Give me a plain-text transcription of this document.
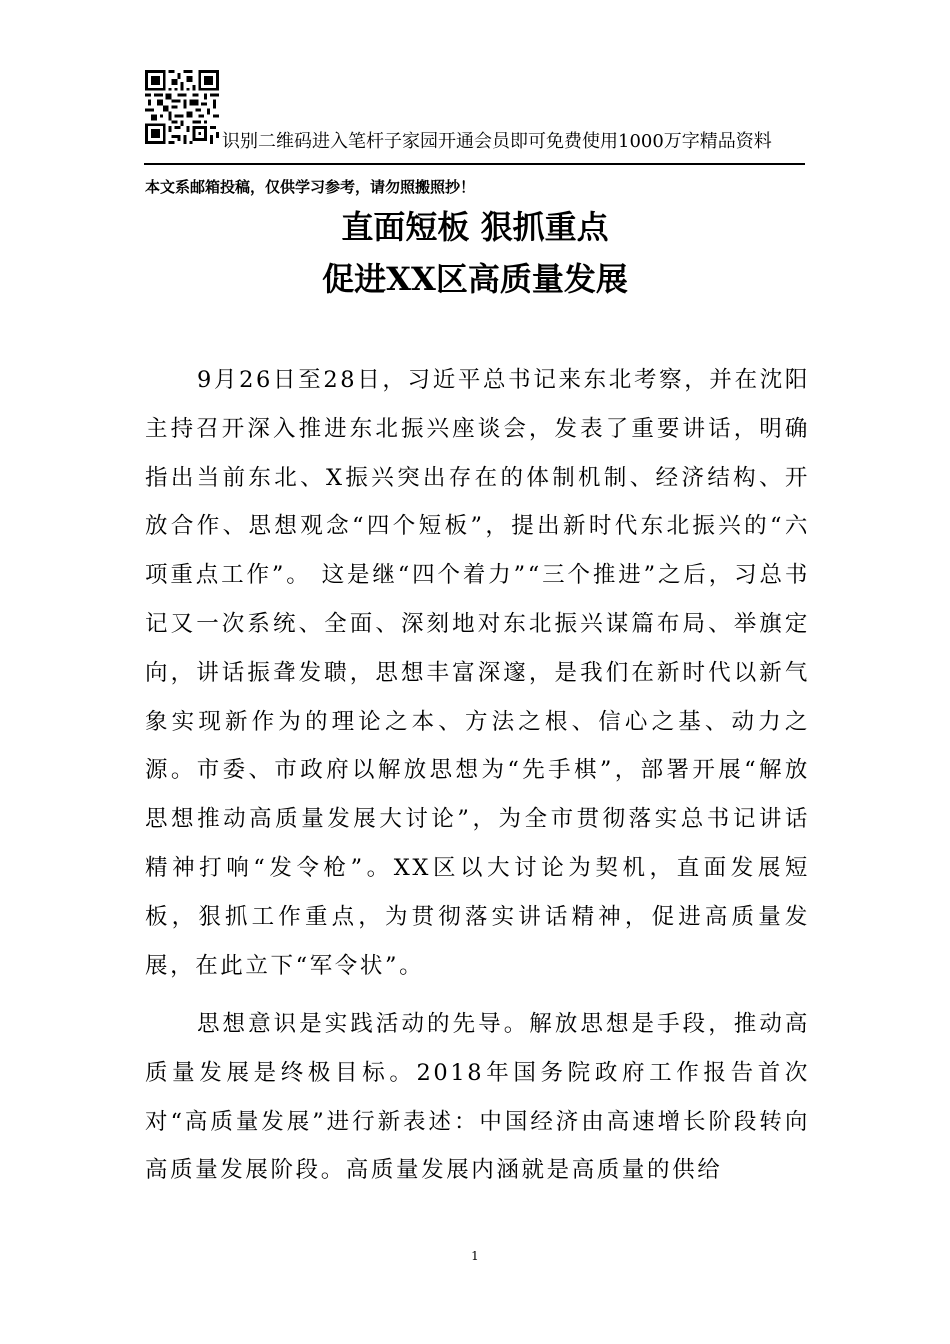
识别二维码进入笔杆子家园开通会员即可免费使用1000万字精品资料
本文系邮箱投稿，仅供学习参考，请勿照搬照抄！
直面短板 狠抓重点
促进XX区高质量发展

9月26日至28日，习近平总书记来东北考察，并在沈阳主持召开深入推进东北振兴座谈会，发表了重要讲话，明确指出当前东北、X振兴突出存在的体制机制、经济结构、开放合作、思想观念“四个短板”，提出新时代东北振兴的“六项重点工作”。 这是继“四个着力”“三个推进”之后，习总书记又一次系统、全面、深刻地对东北振兴谋篇布局、举旗定向，讲话振聋发聩，思想丰富深邃，是我们在新时代以新气象实现新作为的理论之本、方法之根、信心之基、动力之源。市委、市政府以解放思想为“先手棋”，部署开展“解放思想推动高质量发展大讨论”，为全市贯彻落实总书记讲话精神打响“发令枪”。XX区以大讨论为契机，直面发展短板，狠抓工作重点，为贯彻落实讲话精神，促进高质量发展，在此立下“军令状”。

思想意识是实践活动的先导。解放思想是手段，推动高质量发展是终极目标。2018年国务院政府工作报告首次对“高质量发展”进行新表述：中国经济由高速增长阶段转向高质量发展阶段。高质量发展内涵就是高质量的供给

1
